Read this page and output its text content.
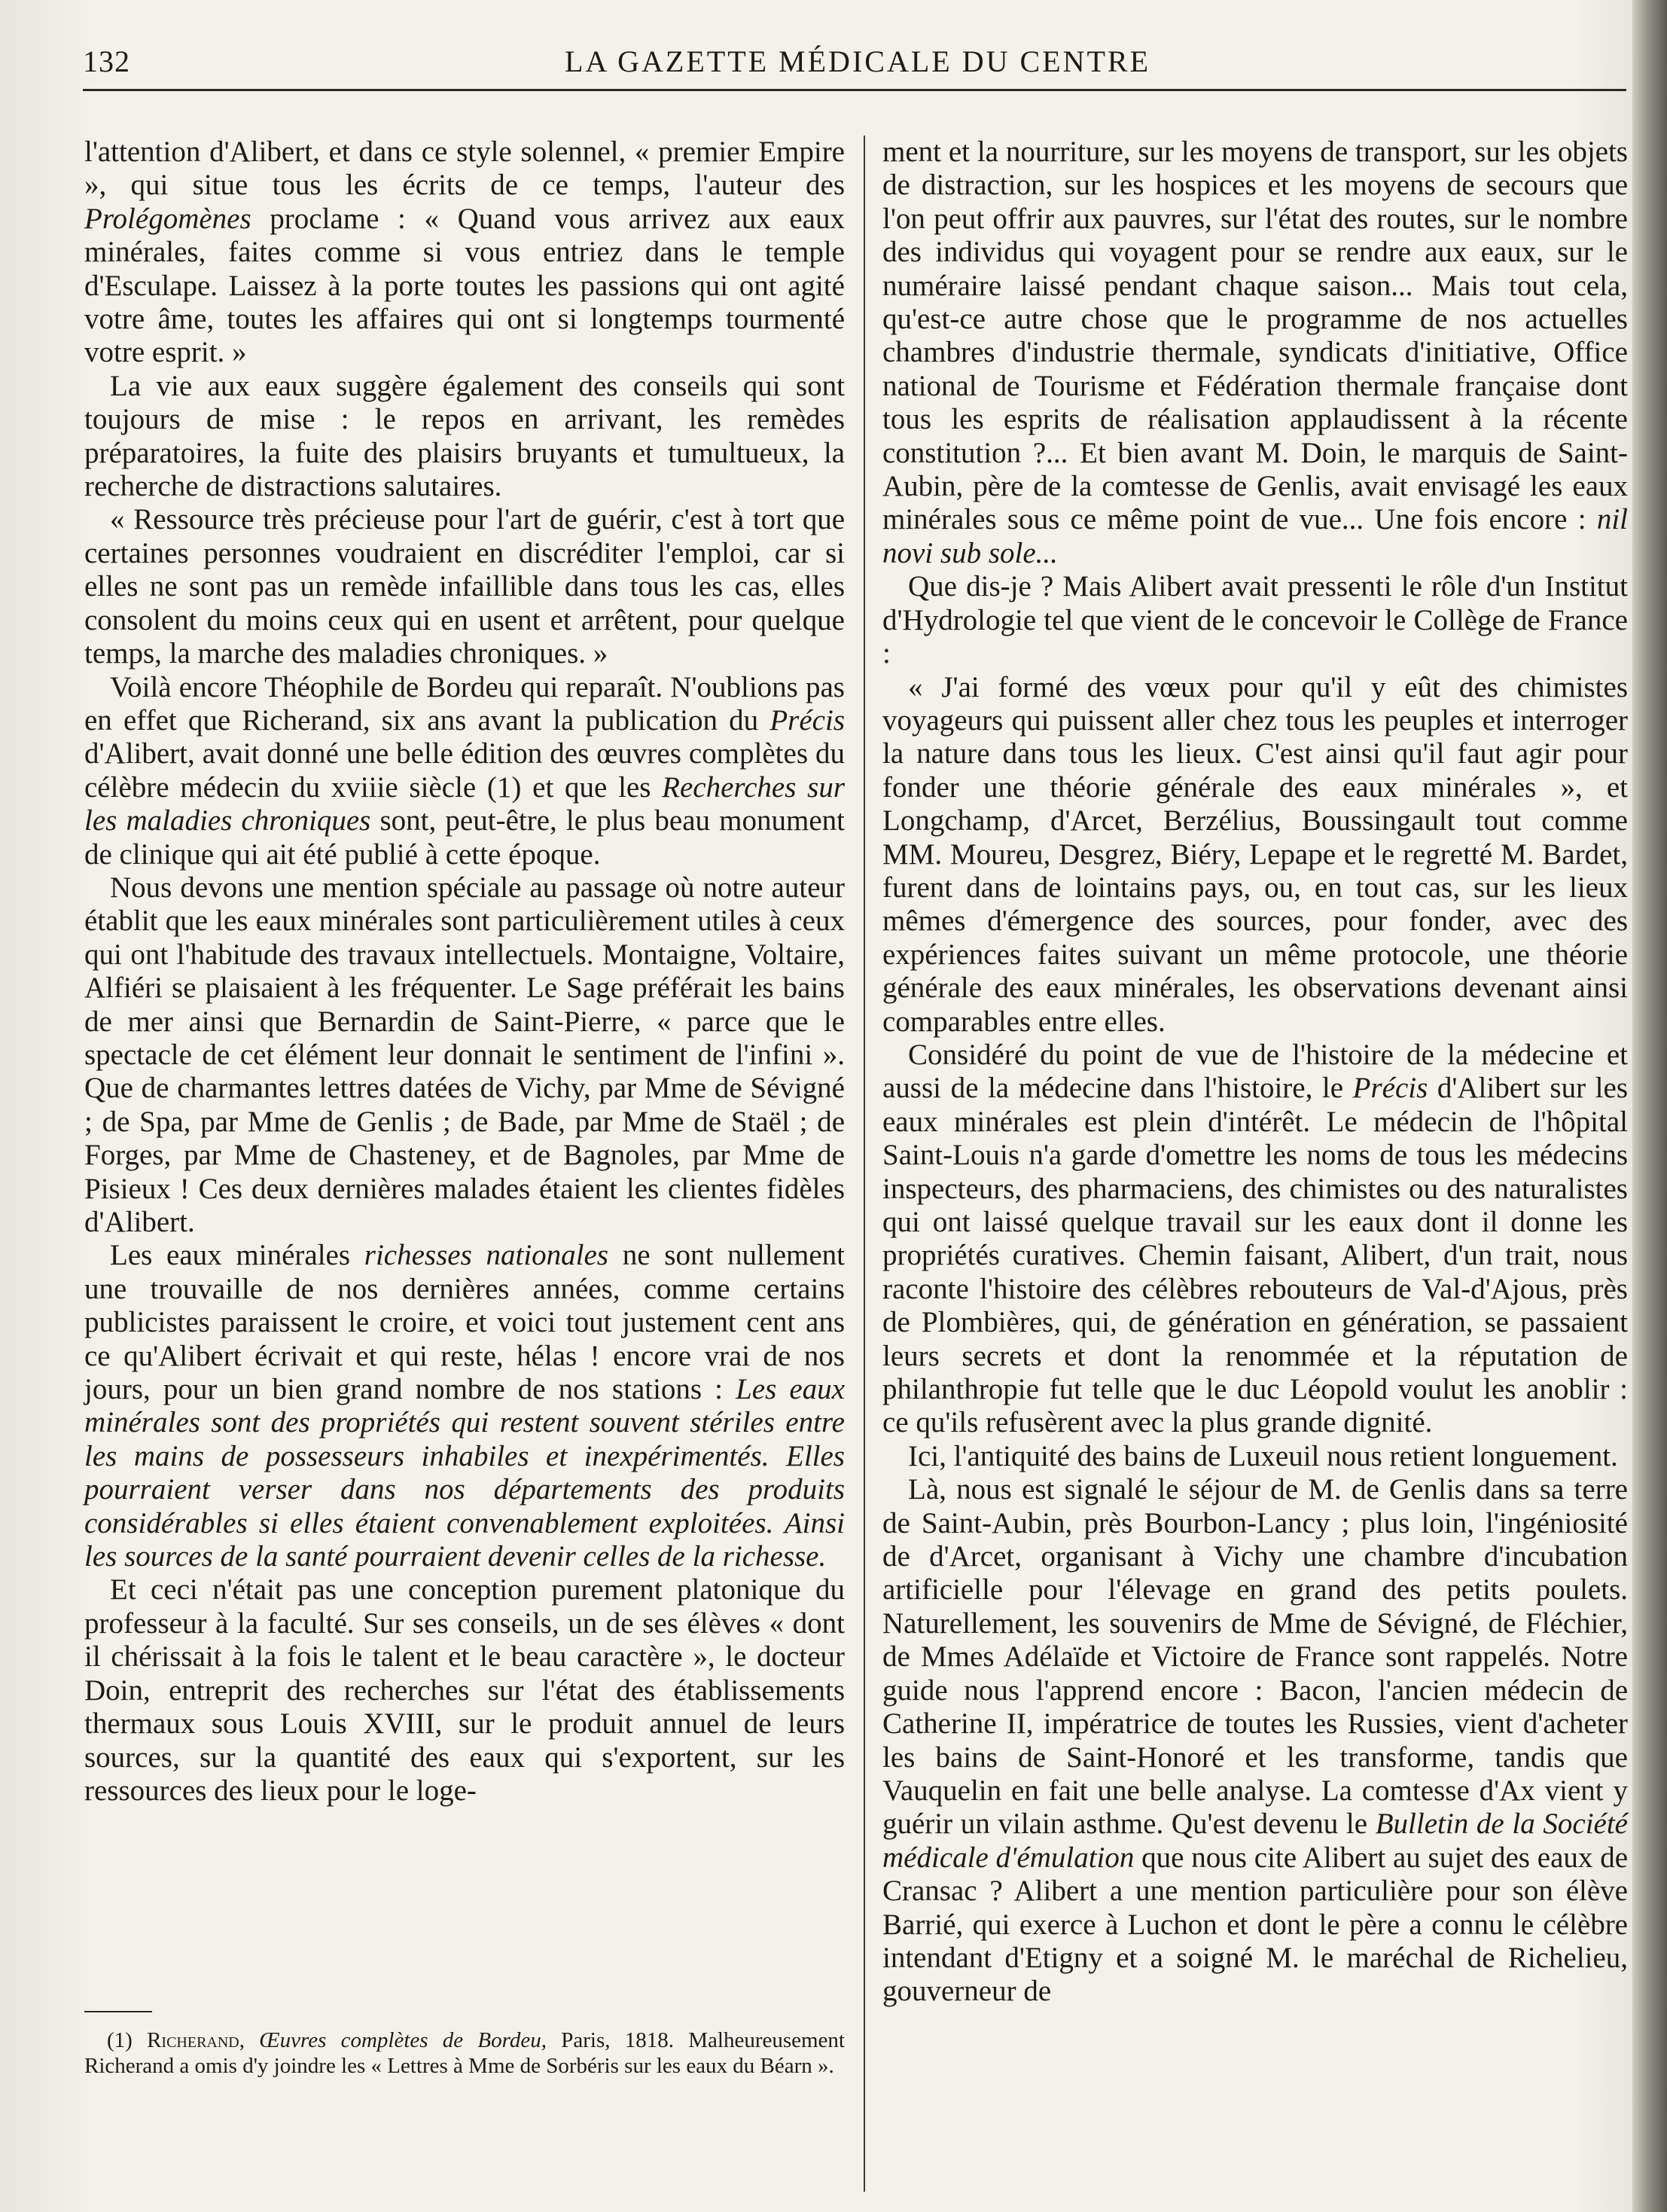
132	LA GAZETTE MÉDICALE DU CENTRE

l'attention d'Alibert, et dans ce style solennel, « premier Empire », qui situe tous les écrits de ce temps, l'auteur des Prolégomènes proclame : « Quand vous arrivez aux eaux minérales, faites comme si vous entriez dans le temple d'Esculape. Laissez à la porte toutes les passions qui ont agité votre âme, toutes les affaires qui ont si longtemps tourmenté votre esprit. »

La vie aux eaux suggère également des conseils qui sont toujours de mise : le repos en arrivant, les remèdes préparatoires, la fuite des plaisirs bruyants et tumultueux, la recherche de distractions salutaires.

« Ressource très précieuse pour l'art de guérir, c'est à tort que certaines personnes voudraient en discréditer l'emploi, car si elles ne sont pas un remède infaillible dans tous les cas, elles consolent du moins ceux qui en usent et arrêtent, pour quelque temps, la marche des maladies chroniques. »

Voilà encore Théophile de Bordeu qui reparaît. N'oublions pas en effet que Richerand, six ans avant la publication du Précis d'Alibert, avait donné une belle édition des œuvres complètes du célèbre médecin du xviiie siècle (1) et que les Recherches sur les maladies chroniques sont, peut-être, le plus beau monument de clinique qui ait été publié à cette époque.

Nous devons une mention spéciale au passage où notre auteur établit que les eaux minérales sont particulièrement utiles à ceux qui ont l'habitude des travaux intellectuels. Montaigne, Voltaire, Alfiéri se plaisaient à les fréquenter. Le Sage préférait les bains de mer ainsi que Bernardin de Saint-Pierre, « parce que le spectacle de cet élément leur donnait le sentiment de l'infini ». Que de charmantes lettres datées de Vichy, par Mme de Sévigné ; de Spa, par Mme de Genlis ; de Bade, par Mme de Staël ; de Forges, par Mme de Chasteney, et de Bagnoles, par Mme de Pisieux ! Ces deux dernières malades étaient les clientes fidèles d'Alibert.

Les eaux minérales richesses nationales ne sont nullement une trouvaille de nos dernières années, comme certains publicistes paraissent le croire, et voici tout justement cent ans ce qu'Alibert écrivait et qui reste, hélas ! encore vrai de nos jours, pour un bien grand nombre de nos stations : Les eaux minérales sont des propriétés qui restent souvent stériles entre les mains de possesseurs inhabiles et inexpérimentés. Elles pourraient verser dans nos départements des produits considérables si elles étaient convenablement exploitées. Ainsi les sources de la santé pourraient devenir celles de la richesse.

Et ceci n'était pas une conception purement platonique du professeur à la faculté. Sur ses conseils, un de ses élèves « dont il chérissait à la fois le talent et le beau caractère », le docteur Doin, entreprit des recherches sur l'état des établissements thermaux sous Louis XVIII, sur le produit annuel de leurs sources, sur la quantité des eaux qui s'exportent, sur les ressources des lieux pour le loge-

ment et la nourriture, sur les moyens de transport, sur les objets de distraction, sur les hospices et les moyens de secours que l'on peut offrir aux pauvres, sur l'état des routes, sur le nombre des individus qui voyagent pour se rendre aux eaux, sur le numéraire laissé pendant chaque saison... Mais tout cela, qu'est-ce autre chose que le programme de nos actuelles chambres d'industrie thermale, syndicats d'initiative, Office national de Tourisme et Fédération thermale française dont tous les esprits de réalisation applaudissent à la récente constitution ?... Et bien avant M. Doin, le marquis de Saint-Aubin, père de la comtesse de Genlis, avait envisagé les eaux minérales sous ce même point de vue... Une fois encore : nil novi sub sole...

Que dis-je ? Mais Alibert avait pressenti le rôle d'un Institut d'Hydrologie tel que vient de le concevoir le Collège de France :

« J'ai formé des vœux pour qu'il y eût des chimistes voyageurs qui puissent aller chez tous les peuples et interroger la nature dans tous les lieux. C'est ainsi qu'il faut agir pour fonder une théorie générale des eaux minérales », et Longchamp, d'Arcet, Berzélius, Boussingault tout comme MM. Moureu, Desgrez, Biéry, Lepape et le regretté M. Bardet, furent dans de lointains pays, ou, en tout cas, sur les lieux mêmes d'émergence des sources, pour fonder, avec des expériences faites suivant un même protocole, une théorie générale des eaux minérales, les observations devenant ainsi comparables entre elles.

Considéré du point de vue de l'histoire de la médecine et aussi de la médecine dans l'histoire, le Précis d'Alibert sur les eaux minérales est plein d'intérêt. Le médecin de l'hôpital Saint-Louis n'a garde d'omettre les noms de tous les médecins inspecteurs, des pharmaciens, des chimistes ou des naturalistes qui ont laissé quelque travail sur les eaux dont il donne les propriétés curatives. Chemin faisant, Alibert, d'un trait, nous raconte l'histoire des célèbres rebouteurs de Val-d'Ajous, près de Plombières, qui, de génération en génération, se passaient leurs secrets et dont la renommée et la réputation de philanthropie fut telle que le duc Léopold voulut les anoblir : ce qu'ils refusèrent avec la plus grande dignité.

Ici, l'antiquité des bains de Luxeuil nous retient longuement.

Là, nous est signalé le séjour de M. de Genlis dans sa terre de Saint-Aubin, près Bourbon-Lancy ; plus loin, l'ingéniosité de d'Arcet, organisant à Vichy une chambre d'incubation artificielle pour l'élevage en grand des petits poulets. Naturellement, les souvenirs de Mme de Sévigné, de Fléchier, de Mmes Adélaïde et Victoire de France sont rappelés. Notre guide nous l'apprend encore : Bacon, l'ancien médecin de Catherine II, impératrice de toutes les Russies, vient d'acheter les bains de Saint-Honoré et les transforme, tandis que Vauquelin en fait une belle analyse. La comtesse d'Ax vient y guérir un vilain asthme. Qu'est devenu le Bulletin de la Société médicale d'émulation que nous cite Alibert au sujet des eaux de Cransac ? Alibert a une mention particulière pour son élève Barrié, qui exerce à Luchon et dont le père a connu le célèbre intendant d'Etigny et a soigné M. le maréchal de Richelieu, gouverneur de

(1) Richerand, Œuvres complètes de Bordeu, Paris, 1818. Malheureusement Richerand a omis d'y joindre les « Lettres à Mme de Sorbéris sur les eaux du Béarn ».
